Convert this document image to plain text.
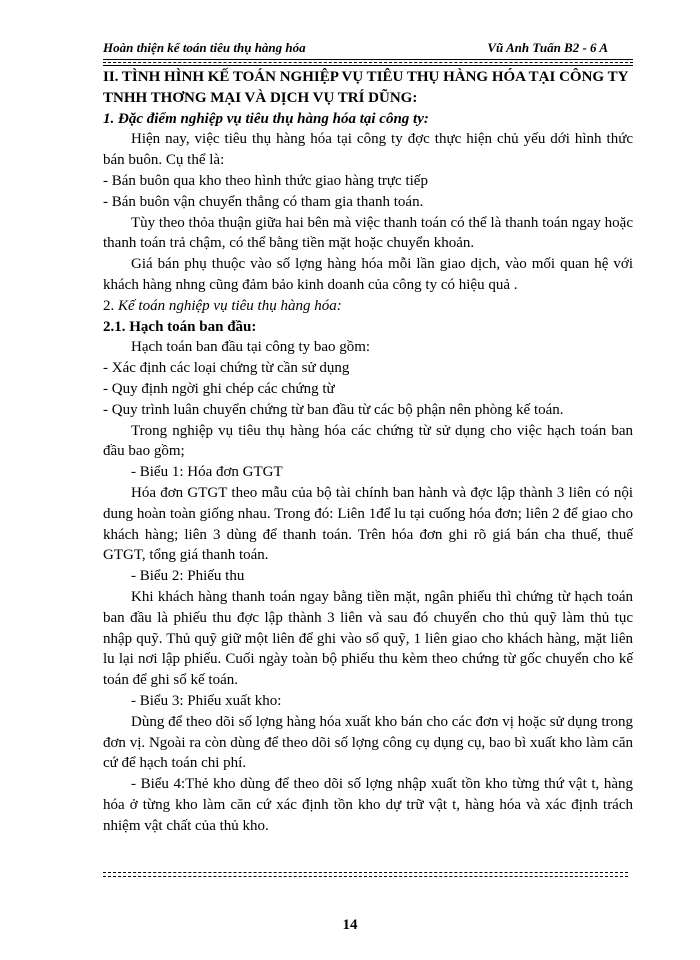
Hoàn thiện kế toán tiêu thụ hàng hóa	Vũ Anh Tuấn B2 - 6 A

II. TÌNH HÌNH KẾ TOÁN NGHIỆP VỤ TIÊU THỤ HÀNG HÓA TẠI CÔNG TY
TNHH THƠNG MẠI VÀ DỊCH VỤ TRÍ DŨNG:

1. Đặc điểm nghiệp vụ tiêu thụ hàng hóa tại công ty:

Hiện nay, việc tiêu thụ hàng hóa tại công ty đợc thực hiện chủ yếu dới hình thức bán buôn. Cụ thể là:

- Bán buôn qua kho theo hình thức giao hàng trực tiếp

- Bán buôn vận chuyển thẳng có tham gia thanh toán.

Tùy theo thỏa thuận giữa hai bên mà việc thanh toán có thể là thanh toán ngay hoặc thanh toán trả chậm, có thể bằng tiền mặt hoặc chuyển khoản.

Giá bán phụ thuộc vào số lợng hàng hóa mỗi lần giao dịch, vào mối quan hệ với khách hàng nhng cũng đảm bảo kinh doanh của công ty có hiệu quả .

2. Kế toán nghiệp vụ tiêu thụ hàng hóa:

2.1. Hạch toán ban đầu:

Hạch toán ban đầu tại công ty bao gồm:

- Xác định các loại chứng từ cần sử dụng

- Quy định ngời ghi chép các chứng từ

- Quy trình luân chuyển chứng từ ban đầu từ các bộ phận nên phòng kế toán.

Trong nghiệp vụ tiêu thụ hàng hóa các chứng từ sử dụng cho việc hạch toán ban đầu bao gồm;

- Biểu 1: Hóa đơn GTGT

Hóa đơn GTGT theo mẫu của bộ tài chính ban hành và đợc lập thành 3 liên có nội dung hoàn toàn giống nhau. Trong đó: Liên 1để lu tại cuống hóa đơn; liên 2 để giao cho khách hàng; liên 3 dùng để thanh toán. Trên hóa đơn ghi rõ giá bán cha thuế, thuế GTGT, tổng giá thanh toán.

- Biểu 2: Phiếu thu

Khi khách hàng thanh toán ngay bằng tiền mặt, ngân phiếu thì chứng từ hạch toán ban đầu là phiếu thu đợc lập thành 3 liên và sau đó chuyển cho thủ quỹ làm thủ tục nhập quỹ. Thủ quỹ giữ một liên để ghi vào sổ quỹ, 1 liên giao cho khách hàng, mặt liên lu lại nơi lập phiếu. Cuối ngày toàn bộ phiếu thu kèm theo chứng từ gốc chuyển cho kế toán để ghi sổ kế toán.

- Biểu 3: Phiếu xuất kho:

Dùng để theo dõi số lợng hàng hóa xuất kho bán cho các đơn vị hoặc sử dụng trong đơn vị. Ngoài ra còn dùng để theo dõi số lợng công cụ dụng cụ, bao bì xuất kho làm căn cứ để hạch toán chi phí.

- Biểu 4:Thẻ kho dùng để theo dõi số lợng nhập xuất tồn kho từng thứ vật t, hàng hóa ở từng kho làm căn cứ xác định tồn kho dự trữ vật t, hàng hóa và xác định trách nhiệm vật chất của thủ kho.

14
